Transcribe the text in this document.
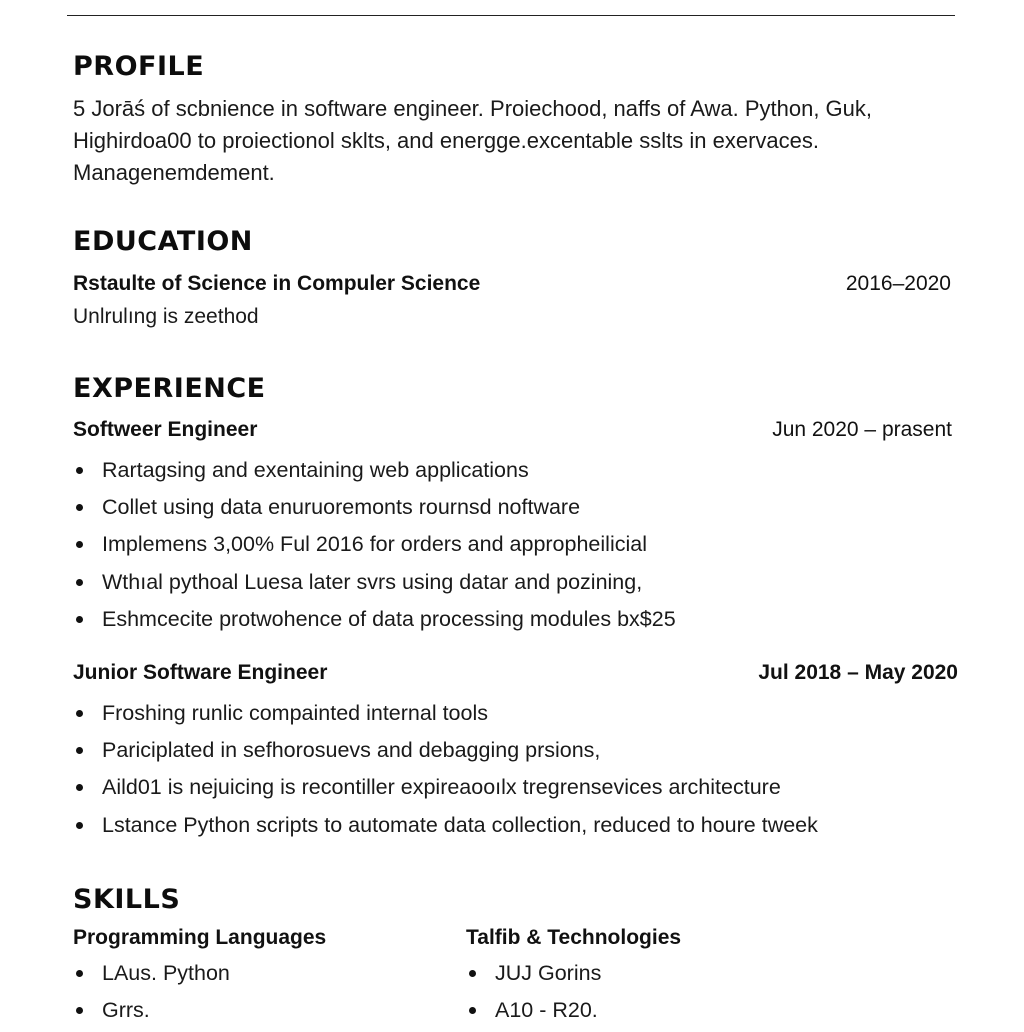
PROFILE
5 Jorāś of scbnience in software engineer. Proiechood, naffs of Awa. Python, Guk, Highirdoa00 to proiectionol sklts, and energge.excentable sslts in exervaces. Managenemdement.
EDUCATION
Rstaulte of Science in Compuler Science	2016–2020
Unlrulıng is zeethod
EXPERIENCE
Softweer Engineer	Jun 2020 – prasent
Rartagsing and exentaining web applications
Collet using data enuruoremonts rournsd noftware
Implemens 3,00% Ful 2016 for orders and appropheilicial
Wthıal pythoal Luesa later svrs using datar and pozining,
Eshmcecite protwohence of data processing modules bx$25
Junior Software Engineer	Jul 2018 – May 2020
Froshing runlic compainted internal tools
Pariciplated in sefhorosuevs and debagging prsions,
Aild01 is nejuicing is recontiller expireaooılx tregrensevices architecture
Lstance Python scripts to automate data collection, reduced to houre tweek
SKILLS
Programming Languages
LAus. Python
Grrs.
Talfib & Technologies
JUJ Gorins
A10 - R20.
